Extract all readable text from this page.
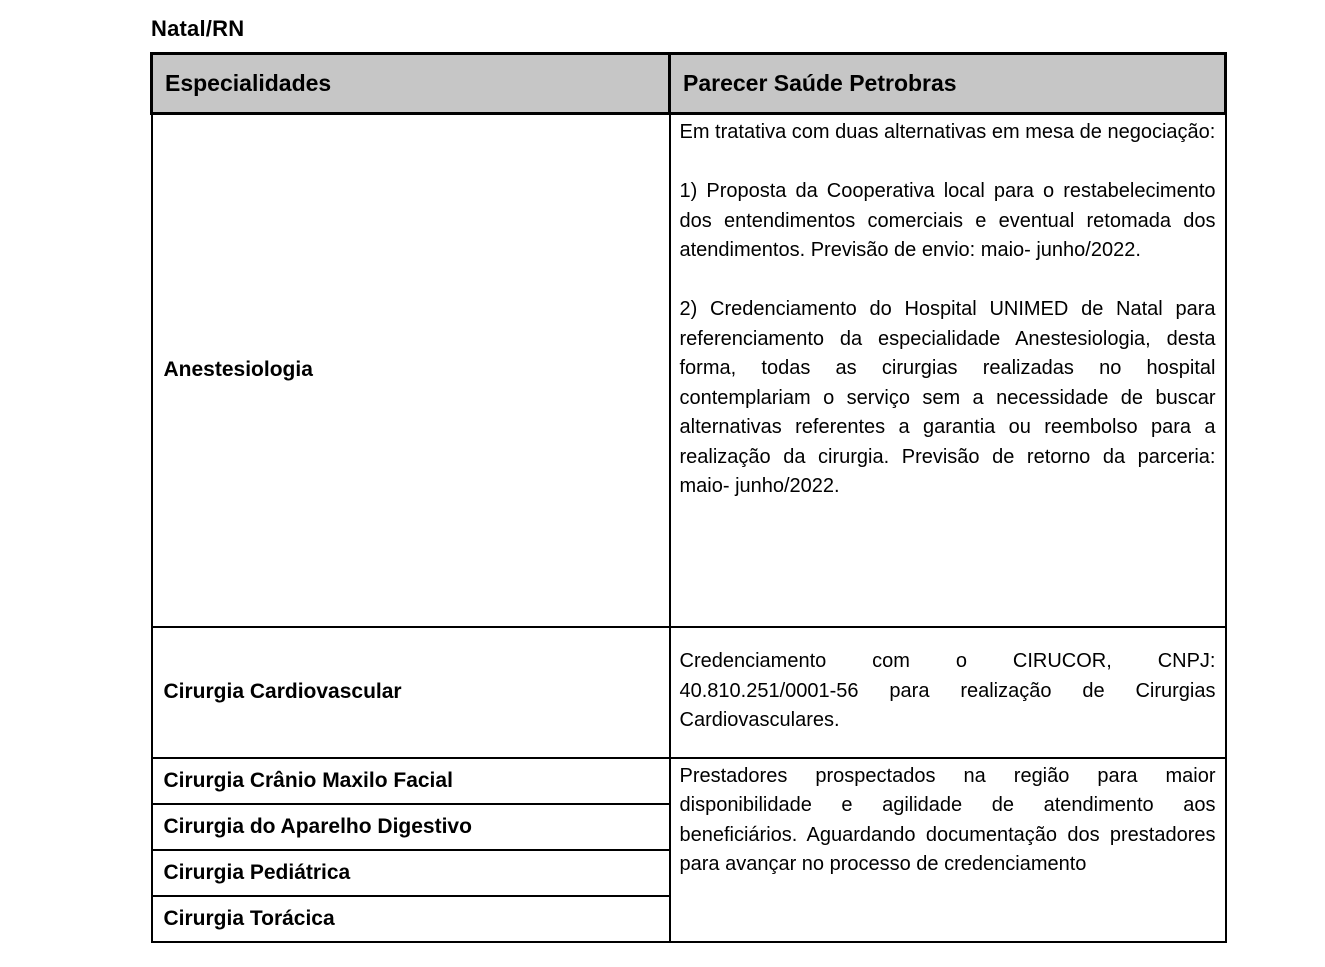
Natal/RN
Especialidades	Parecer Saúde Petrobras
Anestesiologia	Em tratativa com duas alternativas em mesa de negociação:

1) Proposta da Cooperativa local para o restabelecimento dos entendimentos comerciais e eventual retomada dos atendimentos. Previsão de envio: maio- junho/2022.

2) Credenciamento do Hospital UNIMED de Natal para referenciamento da especialidade Anestesiologia, desta forma, todas as cirurgias realizadas no hospital contemplariam o serviço sem a necessidade de buscar alternativas referentes a garantia ou reembolso para a realização da cirurgia. Previsão de retorno da parceria: maio- junho/2022.

Cirurgia Cardiovascular	Credenciamento com o CIRUCOR, CNPJ: 40.810.251/0001-56 para realização de Cirurgias Cardiovasculares.
Cirurgia Crânio Maxilo Facial	Prestadores prospectados na região para maior disponibilidade e agilidade de atendimento aos beneficiários. Aguardando documentação dos prestadores para avançar no processo de credenciamento
Cirurgia do Aparelho Digestivo	
Cirurgia Pediátrica	
Cirurgia Torácica	
